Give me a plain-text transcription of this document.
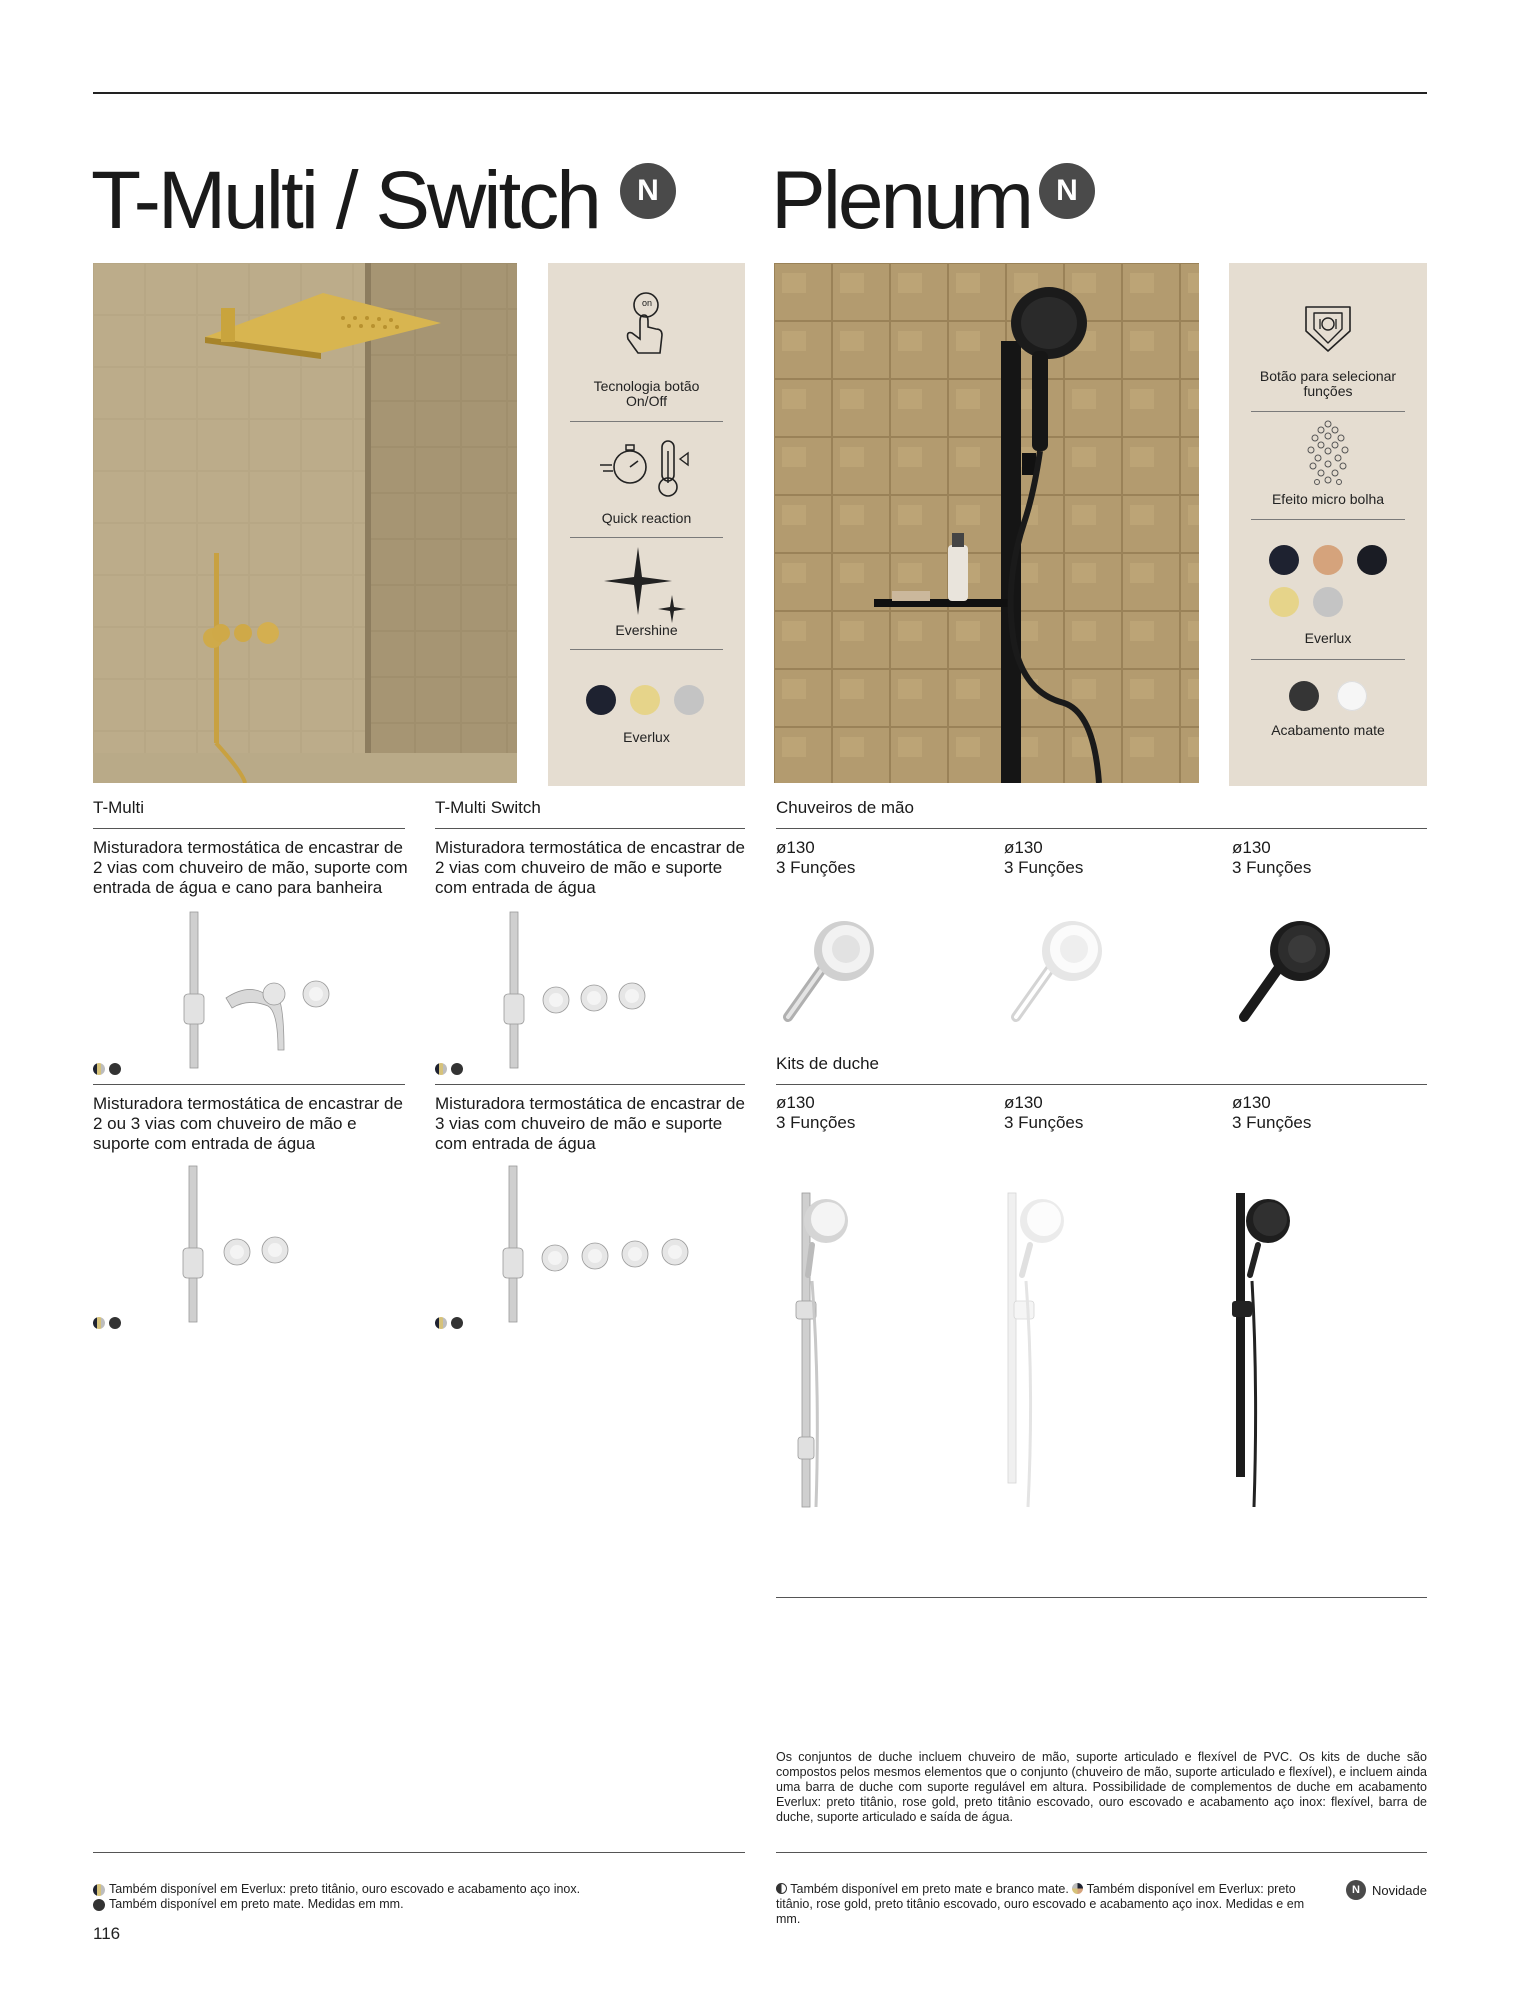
T-Multi / Switch	N Plenum N
on
Tecnologia botão On/Off
Quick reaction
Evershine
Everlux
Botão para selecionar funções
Efeito micro bolha
Everlux
Acabamento mate
T-Multi	T-Multi Switch	Chuveiros de mão
Misturadora termostática de encastrar de 2 vias com chuveiro de mão, suporte com entrada de água e cano para banheira
Misturadora termostática de encastrar de 2 vias com chuveiro de mão e suporte com entrada de água
Misturadora termostática de encastrar de 2 ou 3 vias com chuveiro de mão e suporte com entrada de água
Misturadora termostática de encastrar de 3 vias com chuveiro de mão e suporte com entrada de água
ø130
3 Funções
ø130
3 Funções
ø130
3 Funções
Kits de duche
ø130
3 Funções
ø130
3 Funções
ø130
3 Funções
Os conjuntos de duche incluem chuveiro de mão, suporte articulado e flexível de PVC. Os kits de duche são compostos pelos mesmos elementos que o conjunto (chuveiro de mão, suporte articulado e flexível), e incluem ainda uma barra de duche com suporte regulável em altura. Possibilidade de complementos de duche em acabamento Everlux: preto titânio, rose gold, preto titânio escovado, ouro escovado e acabamento aço inox: flexível, barra de duche, suporte articulado e saída de água.
Também disponível em Everlux: preto titânio, ouro escovado e acabamento aço inox.
Também disponível em preto mate. Medidas em mm.
116
Também disponível em preto mate e branco mate. Também disponível em Everlux: preto titânio, rose gold, preto titânio escovado, ouro escovado e acabamento aço inox. Medidas e em mm.
N Novidade
